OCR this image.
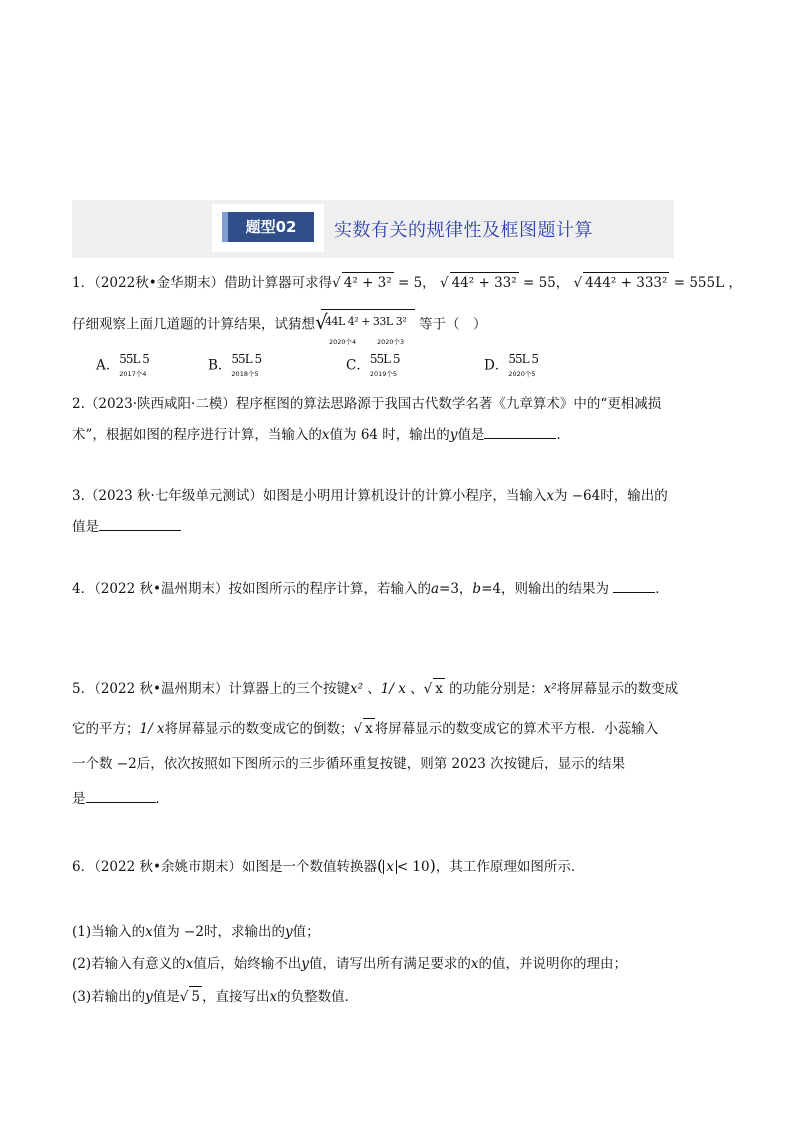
题型02	实数有关的规律性及框图题计算
1．（2022秋•金华期末）借助计算器可求得√ 4² + 3² = 5， √ 44² + 33² = 55， √ 444² + 333² = 555L ，
仔细观察上面几道题的计算结果，试猜想 √
44L 4² + 33L 3²
2020个4	2020个3
等于（　）
A． 55L 5
2017个4
B． 55L 5
2018个5
C． 55L 5
2019个5
D． 55L 5
2020个5
2.（2023·陕西咸阳·二模）程序框图的算法思路源于我国古代数学名著《九章算术》中的“更相减损
术”，根据如图的程序进行计算，当输入的x值为 64 时，输出的y值是	．
3.（2023 秋·七年级单元测试）如图是小明用计算机设计的计算小程序，当输入x为 −64时，输出的
值是
4．（2022 秋•温州期末）按如图所示的程序计算，若输入的a=3，b=4，则输出的结果为	．
5．（2022 秋•温州期末）计算器上的三个按键x² 、1/ x 、√ x 的功能分别是：x²将屏幕显示的数变成
它的平方；1/ x将屏幕显示的数变成它的倒数；√ x 将屏幕显示的数变成它的算术平方根．小蕊输入
一个数 −2后，依次按照如下图所示的三步循环重复按键，则第 2023 次按键后，显示的结果
是	．
6．（2022 秋•余姚市期末）如图是一个数值转换器( x < 10)，其工作原理如图所示．
(1)当输入的x值为 −2时，求输出的y值；
(2)若输入有意义的x值后，始终输不出y值，请写出所有满足要求的x的值，并说明你的理由；
(3)若输出的y值是√ 5 ，直接写出x的负整数值．
